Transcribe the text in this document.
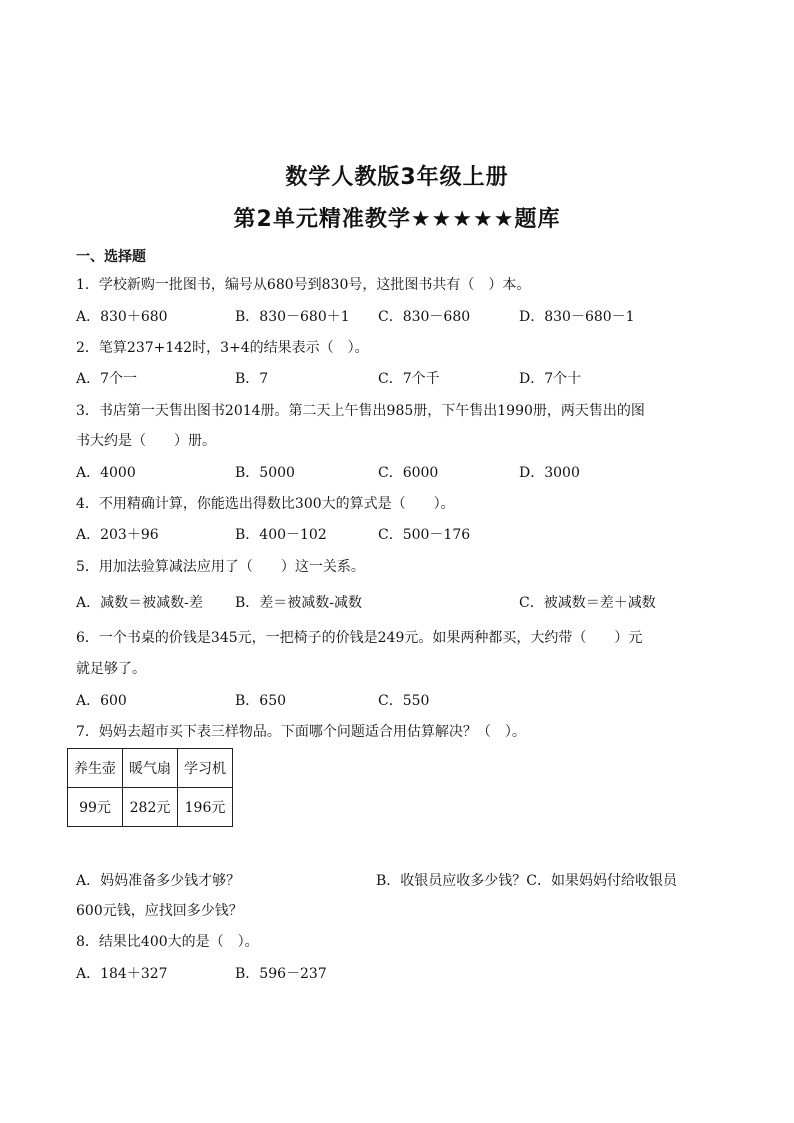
数学人教版3年级上册
第2单元精准教学★★★★★题库
一、选择题
1．学校新购一批图书，编号从680号到830号，这批图书共有（　）本。
A．830＋680	B．830－680＋1 C．830－680	D．830－680－1
2．笔算237+142时，3+4的结果表示（　）。
A．7个一	B．7	C．7个千	D．7个十
3．书店第一天售出图书2014册。第二天上午售出985册，下午售出1990册，两天售出的图
书大约是（　　）册。
A．4000	B．5000	C．6000	D．3000
4．不用精确计算，你能选出得数比300大的算式是（　　）。
A．203＋96	B．400－102	C．500－176
5．用加法验算减法应用了（　　）这一关系。
A．减数＝被减数-差 B．差＝被减数-减数	C．被减数＝差＋减数
6．一个书桌的价钱是345元，一把椅子的价钱是249元。如果两种都买，大约带（　　）元
就足够了。
A．600	B．650	C．550
7．妈妈去超市买下表三样物品。下面哪个问题适合用估算解决？（　）。
养生壶	暖气扇	学习机
99元	282元	196元
A．妈妈准备多少钱才够？	B．收银员应收多少钱？C．如果妈妈付给收银员
600元钱，应找回多少钱？
8．结果比400大的是（　）。
A．184＋327	B．596－237
